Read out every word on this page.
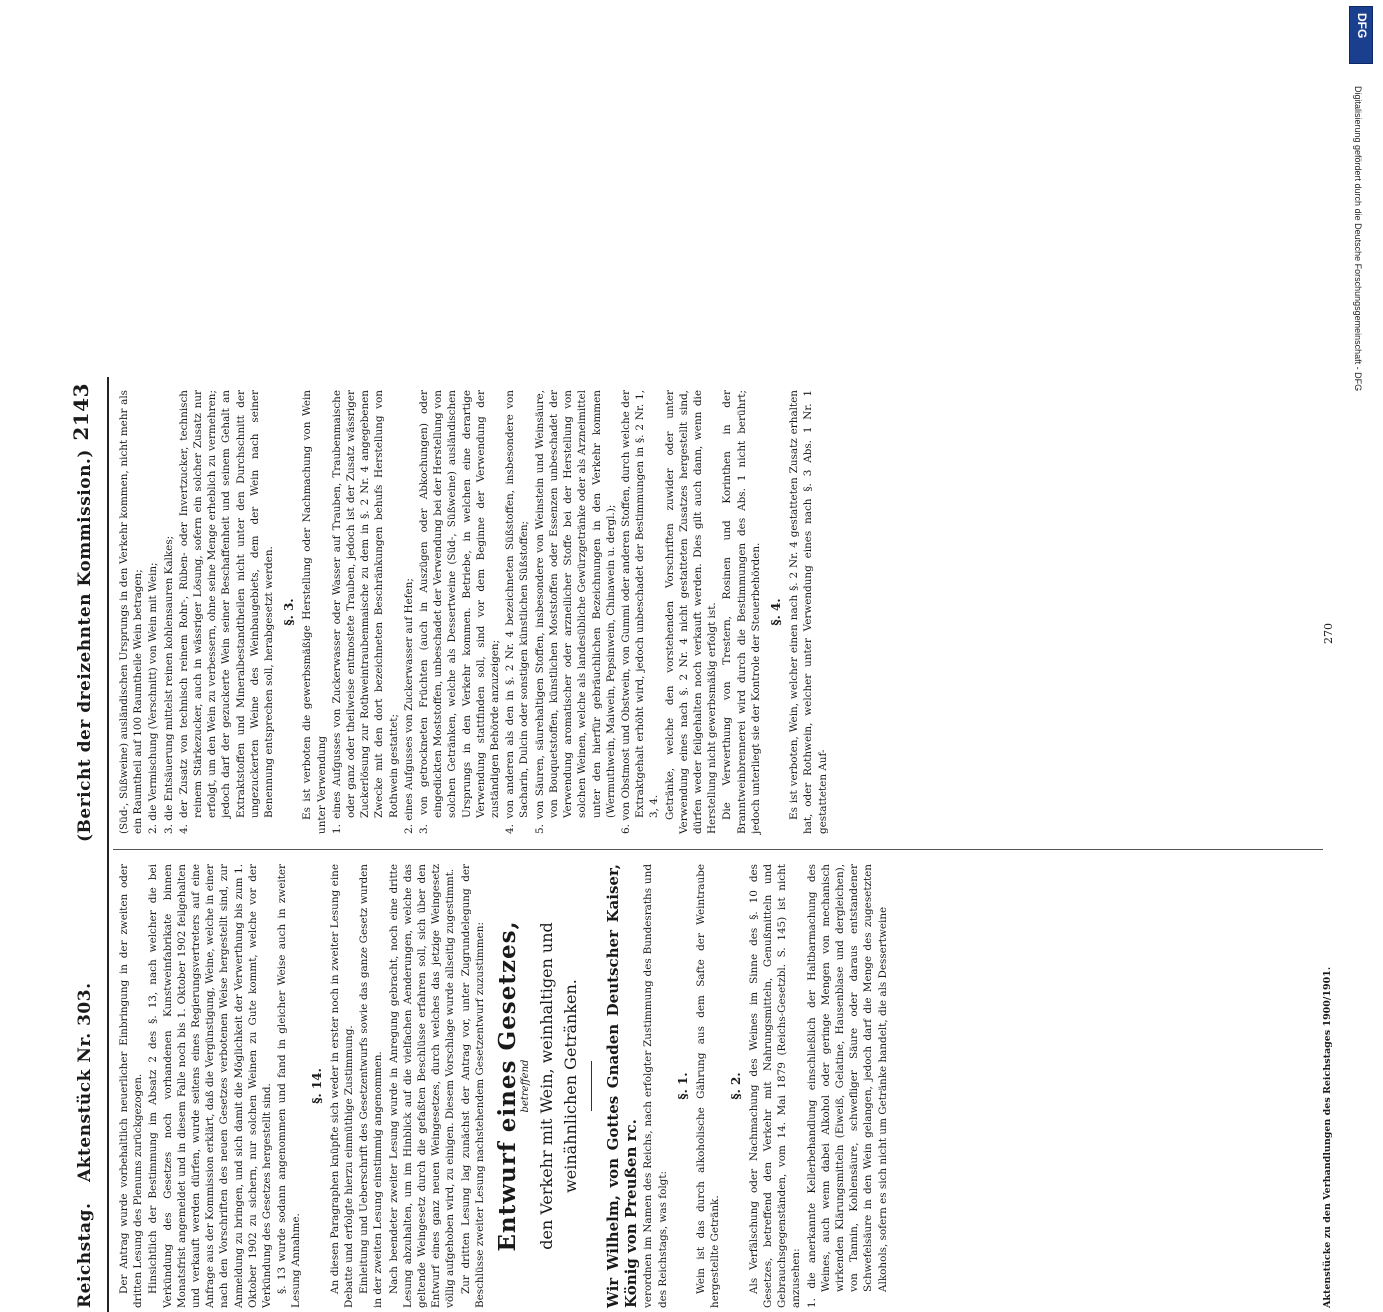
Reichstag.
Aktenstück Nr. 303.
(Bericht der dreizehnten Kommission.)
2143

Der Antrag wurde vorbehaltlich neuerlicher Einbringung in der zweiten oder dritten Lesung des Plenums zurückgezogen. Hinsichtlich der Bestimmung im Absatz 2 des §. 13, nach welcher die bei Verkündung des Gesetzes noch vorhandenen Kunstweinfabrikate binnen Monatsfrist angemeldet und in diesem Falle noch bis 1. Oktober 1902 feilgehalten und verkauft werden dürfen, wurde seitens eines Regierungsvertreters auf eine Anfrage aus der Kommission erklärt, daß die Vergünstigung, Weine, welche in einer nach den Vorschriften des neuen Gesetzes verbotenen Weise hergestellt sind, zur Anmeldung zu bringen, und sich damit die Möglichkeit der Verwerthung bis zum 1. Oktober 1902 zu sichern, nur solchen Weinen zu Gute kommt, welche vor der Verkündung des Gesetzes hergestellt sind. §. 13 wurde sodann angenommen und fand in gleicher Weise auch in zweiter Lesung Annahme.

§. 14. An diesen Paragraphen knüpfte sich weder in erster noch in zweiter Lesung eine Debatte und erfolgte hierzu einmüthige Zustimmung. Einleitung und Ueberschrift des Gesetzentwurfs sowie das ganze Gesetz wurden in der zweiten Lesung einstimmig angenommen. Nach beendeter zweiter Lesung wurde in Anregung gebracht, noch eine dritte Lesung abzuhalten, um im Hinblick auf die vielfachen Aenderungen, welche das geltende Weingesetz durch die gefaßten Beschlüsse erfahren soll, sich über den Entwurf eines ganz neuen Weingesetzes, durch welches das jetzige Weingesetz völlig aufgehoben wird, zu einigen. Diesem Vorschlage wurde allseitig zugestimmt. Zur dritten Lesung lag zunächst der Antrag vor, unter Zugrundelegung der Beschlüsse zweiter Lesung nachstehendem Gesetzentwurf zuzustimmen: Entwurf eines Gesetzes, betreffend den Verkehr mit Wein, weinhaltigen und weinähnlichen Getränken. Wir Wilhelm, von Gottes Gnaden Deutscher Kaiser, König von Preußen rc. verordnen im Namen des Reichs, nach erfolgter Zustimmung des Bundesraths und des Reichstags, was folgt:

§. 1. Wein ist das durch alkoholische Gährung aus dem Safte der Weintraube hergestellte Getränk.

§. 2. Als Verfälschung oder Nachmachung des Weines im Sinne des §. 10 des Gesetzes, betreffend den Verkehr mit Nahrungsmitteln, Genußmitteln und Gebrauchsgegenständen, vom 14. Mai 1879 (Reichs-Gesetzbl. S. 145) ist nicht anzusehen: 1. die anerkannte Kellerbehandlung einschließlich der Haltbarmachung des Weines, auch wenn dabei Alkohol oder geringe Mengen von mechanisch wirkenden Klärungsmitteln (Eiweiß, Gelatine, Hausenblase und dergleichen), von Tannin, Kohlensäure, schwefliger Säure oder daraus entstandener Schwefelsäure in den Wein gelangen, jedoch darf die Menge des zugesetzten Alkohols, sofern es sich nicht um Getränke handelt, die als Dessertweine	Aktenstücke zu den Verhandlungen des Reichstages 1900/1901.

(Süd-, Süßweine) ausländischen Ursprungs in den Verkehr kommen, nicht mehr als ein Raumtheil auf 100 Raumtheile Wein betragen; 2. die Vermischung (Verschnitt) von Wein mit Wein; 3. die Entsäuerung mittelst reinen kohlensauren Kalkes; 4. der Zusatz von technisch reinem Rohr-, Rüben- oder Invertzucker, technisch reinem Stärkezucker, auch in wässriger Lösung, sofern ein solcher Zusatz nur erfolgt, um den Wein zu verbessern, ohne seine Menge erheblich zu vermehren; jedoch darf der gezuckerte Wein seiner Beschaffenheit und seinem Gehalt an Extraktstoffen und Mineralbestandtheilen nicht unter den Durchschnitt der ungezuckerten Weine des Weinbaugebiets, dem der Wein nach seiner Benennung entsprechen soll, herabgesetzt werden. §. 3. Es ist verboten die gewerbsmäßige Herstellung oder Nachmachung von Wein unter Verwendung 1. eines Aufgusses von Zuckerwasser oder Wasser auf Trauben, Traubenmaische oder ganz oder theilweise entmostete Trauben, jedoch ist der Zusatz wässriger Zuckerlösung zur Rothweintraubenmaische zu dem in §. 2 Nr. 4 angegebenen Zwecke mit den dort bezeichneten Beschränkungen behufs Herstellung von Rothwein gestattet; 2. eines Aufgusses von Zuckerwasser auf Hefen; 3. von getrockneten Früchten (auch in Auszügen oder Abkochungen) oder eingedickten Moststoffen, unbeschadet der Verwendung bei der Herstellung von solchen Getränken, welche als Dessertweine (Süd-, Süßweine) ausländischen Ursprungs in den Verkehr kommen. Betriebe, in welchen eine derartige Verwendung stattfinden soll, sind vor dem Beginne der Verwendung der zuständigen Behörde anzuzeigen; 4. von anderen als den in §. 2 Nr. 4 bezeichneten Süßstoffen, insbesondere von Sacharin, Dulcin oder sonstigen künstlichen Süßstoffen; 5. von Säuren, säurehaltigen Stoffen, insbesondere von Weinstein und Weinsäure, von Bouquetstoffen, künstlichen Moststoffen oder Essenzen unbeschadet der Verwendung aromatischer oder arzneilicher Stoffe bei der Herstellung von solchen Weinen, welche als landesübliche Gewürzgetränke oder als Arzneimittel unter den hierfür gebräuchlichen Bezeichnungen in den Verkehr kommen (Wermuthwein, Maiwein, Pepsinwein, Chinawein u. dergl.); 6. von Obstmost und Obstwein, von Gummi oder anderen Stoffen, durch welche der Extraktgehalt erhöht wird, jedoch unbeschadet der Bestimmungen in §. 2 Nr. 1, 3, 4. Getränke, welche den vorstehenden Vorschriften zuwider oder unter Verwendung eines nach §. 2 Nr. 4 nicht gestatteten Zusatzes hergestellt sind, dürfen weder feilgehalten noch verkauft werden. Dies gilt auch dann, wenn die Herstellung nicht gewerbsmäßig erfolgt ist. Die Verwerthung von Trestern, Rosinen und Korinthen in der Branntweinbrennerei wird durch die Bestimmungen des Abs. 1 nicht berührt; jedoch unterliegt sie der Kontrole der Steuerbehörden. §. 4. Es ist verboten, Wein, welcher einen nach §. 2 Nr. 4 gestatteten Zusatz erhalten hat, oder Rothwein, welcher unter Verwendung eines nach §. 3 Abs. 1 Nr. 1 gestatteten Auf-

270
DFG
Digitalisierung gefördert durch die Deutsche Forschungsgemeinschaft - DFG
